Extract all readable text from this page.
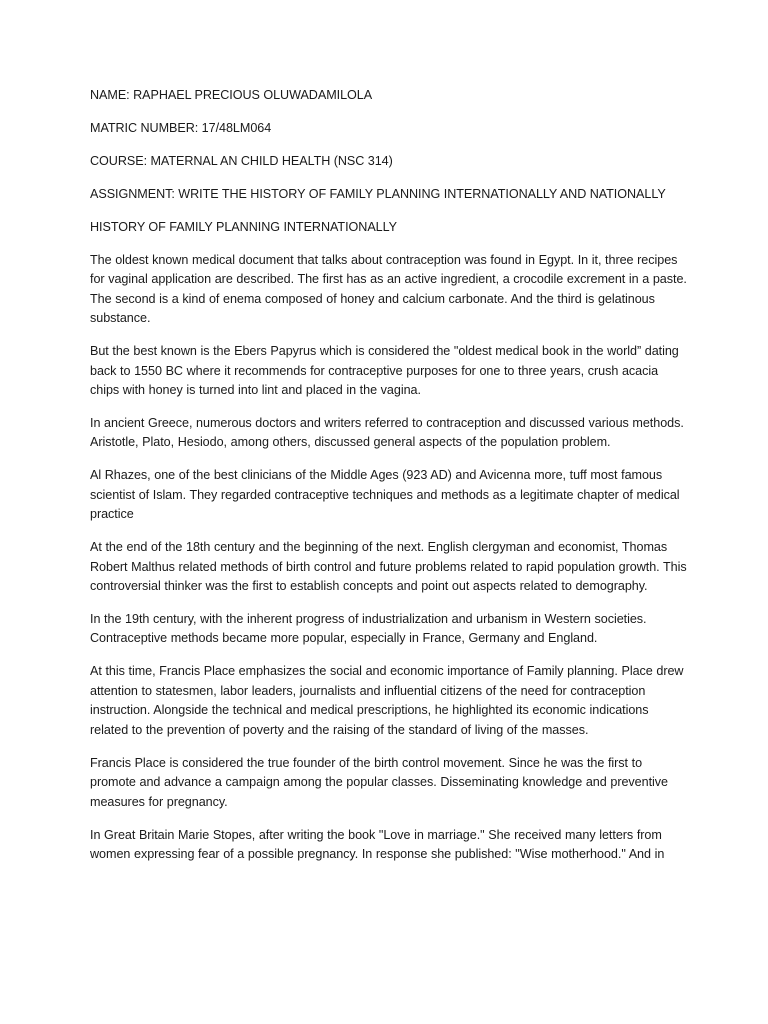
NAME: RAPHAEL PRECIOUS OLUWADAMILOLA
MATRIC NUMBER: 17/48LM064
COURSE: MATERNAL AN CHILD HEALTH (NSC 314)
ASSIGNMENT: WRITE THE HISTORY OF FAMILY PLANNING INTERNATIONALLY AND NATIONALLY
HISTORY OF FAMILY PLANNING INTERNATIONALLY

The oldest known medical document that talks about contraception was found in Egypt. In it, three recipes for vaginal application are described. The first has as an active ingredient, a crocodile excrement in a paste. The second is a kind of enema composed of honey and calcium carbonate. And the third is gelatinous substance.

But the best known is the Ebers Papyrus which is considered the "oldest medical book in the world” dating back to 1550 BC where it recommends for contraceptive purposes for one to three years, crush acacia chips with honey is turned into lint and placed in the vagina.

In ancient Greece, numerous doctors and writers referred to contraception and discussed various methods. Aristotle, Plato, Hesiodo, among others, discussed general aspects of the population problem.

Al Rhazes, one of the best clinicians of the Middle Ages (923 AD) and Avicenna more, tuff most famous scientist of Islam. They regarded contraceptive techniques and methods as a legitimate chapter of medical practice

At the end of the 18th century and the beginning of the next. English clergyman and economist, Thomas Robert Malthus related methods of birth control and future problems related to rapid population growth. This controversial thinker was the first to establish concepts and point out aspects related to demography.

In the 19th century, with the inherent progress of industrialization and urbanism in Western societies. Contraceptive methods became more popular, especially in France, Germany and England.

At this time, Francis Place emphasizes the social and economic importance of Family planning. Place drew attention to statesmen, labor leaders, journalists and influential citizens of the need for contraception instruction. Alongside the technical and medical prescriptions, he highlighted its economic indications related to the prevention of poverty and the raising of the standard of living of the masses.

Francis Place is considered the true founder of the birth control movement. Since he was the first to promote and advance a campaign among the popular classes. Disseminating knowledge and preventive measures for pregnancy.

In Great Britain Marie Stopes, after writing the book "Love in marriage." She received many letters from women expressing fear of a possible pregnancy. In response she published: "Wise motherhood." And in
